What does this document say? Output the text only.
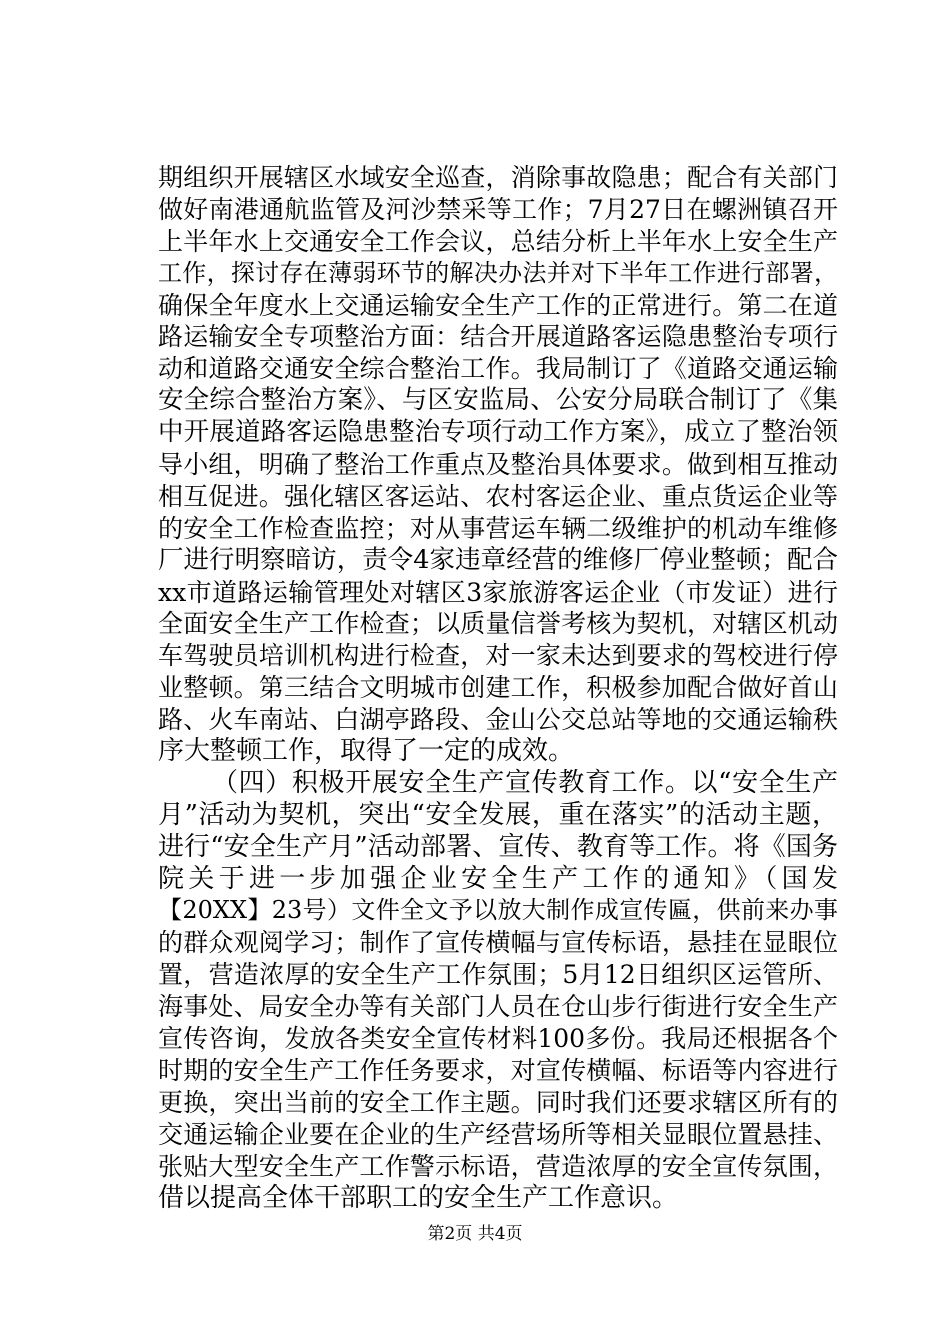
期组织开展辖区水域安全巡查，消除事故隐患；配合有关部门
做好南港通航监管及河沙禁采等工作；7月27日在螺洲镇召开
上半年水上交通安全工作会议，总结分析上半年水上安全生产
工作，探讨存在薄弱环节的解决办法并对下半年工作进行部署，
确保全年度水上交通运输安全生产工作的正常进行。第二在道
路运输安全专项整治方面：结合开展道路客运隐患整治专项行
动和道路交通安全综合整治工作。我局制订了《道路交通运输
安全综合整治方案》、与区安监局、公安分局联合制订了《集
中开展道路客运隐患整治专项行动工作方案》，成立了整治领
导小组，明确了整治工作重点及整治具体要求。做到相互推动
相互促进。强化辖区客运站、农村客运企业、重点货运企业等
的安全工作检查监控；对从事营运车辆二级维护的机动车维修
厂进行明察暗访，责令4家违章经营的维修厂停业整顿；配合
xx市道路运输管理处对辖区3家旅游客运企业（市发证）进行
全面安全生产工作检查；以质量信誉考核为契机，对辖区机动
车驾驶员培训机构进行检查，对一家未达到要求的驾校进行停
业整顿。第三结合文明城市创建工作，积极参加配合做好首山
路、火车南站、白湖亭路段、金山公交总站等地的交通运输秩
序大整顿工作，取得了一定的成效。
（四）积极开展安全生产宣传教育工作。以“安全生产
月”活动为契机，突出“安全发展，重在落实”的活动主题，
进行“安全生产月”活动部署、宣传、教育等工作。将《国务
院关于进一步加强企业安全生产工作的通知》（国发
【20XX】23号）文件全文予以放大制作成宣传匾，供前来办事
的群众观阅学习；制作了宣传横幅与宣传标语，悬挂在显眼位
置，营造浓厚的安全生产工作氛围；5月12日组织区运管所、
海事处、局安全办等有关部门人员在仓山步行街进行安全生产
宣传咨询，发放各类安全宣传材料100多份。我局还根据各个
时期的安全生产工作任务要求，对宣传横幅、标语等内容进行
更换，突出当前的安全工作主题。同时我们还要求辖区所有的
交通运输企业要在企业的生产经营场所等相关显眼位置悬挂、
张贴大型安全生产工作警示标语，营造浓厚的安全宣传氛围，
借以提高全体干部职工的安全生产工作意识。
第2页 共4页
